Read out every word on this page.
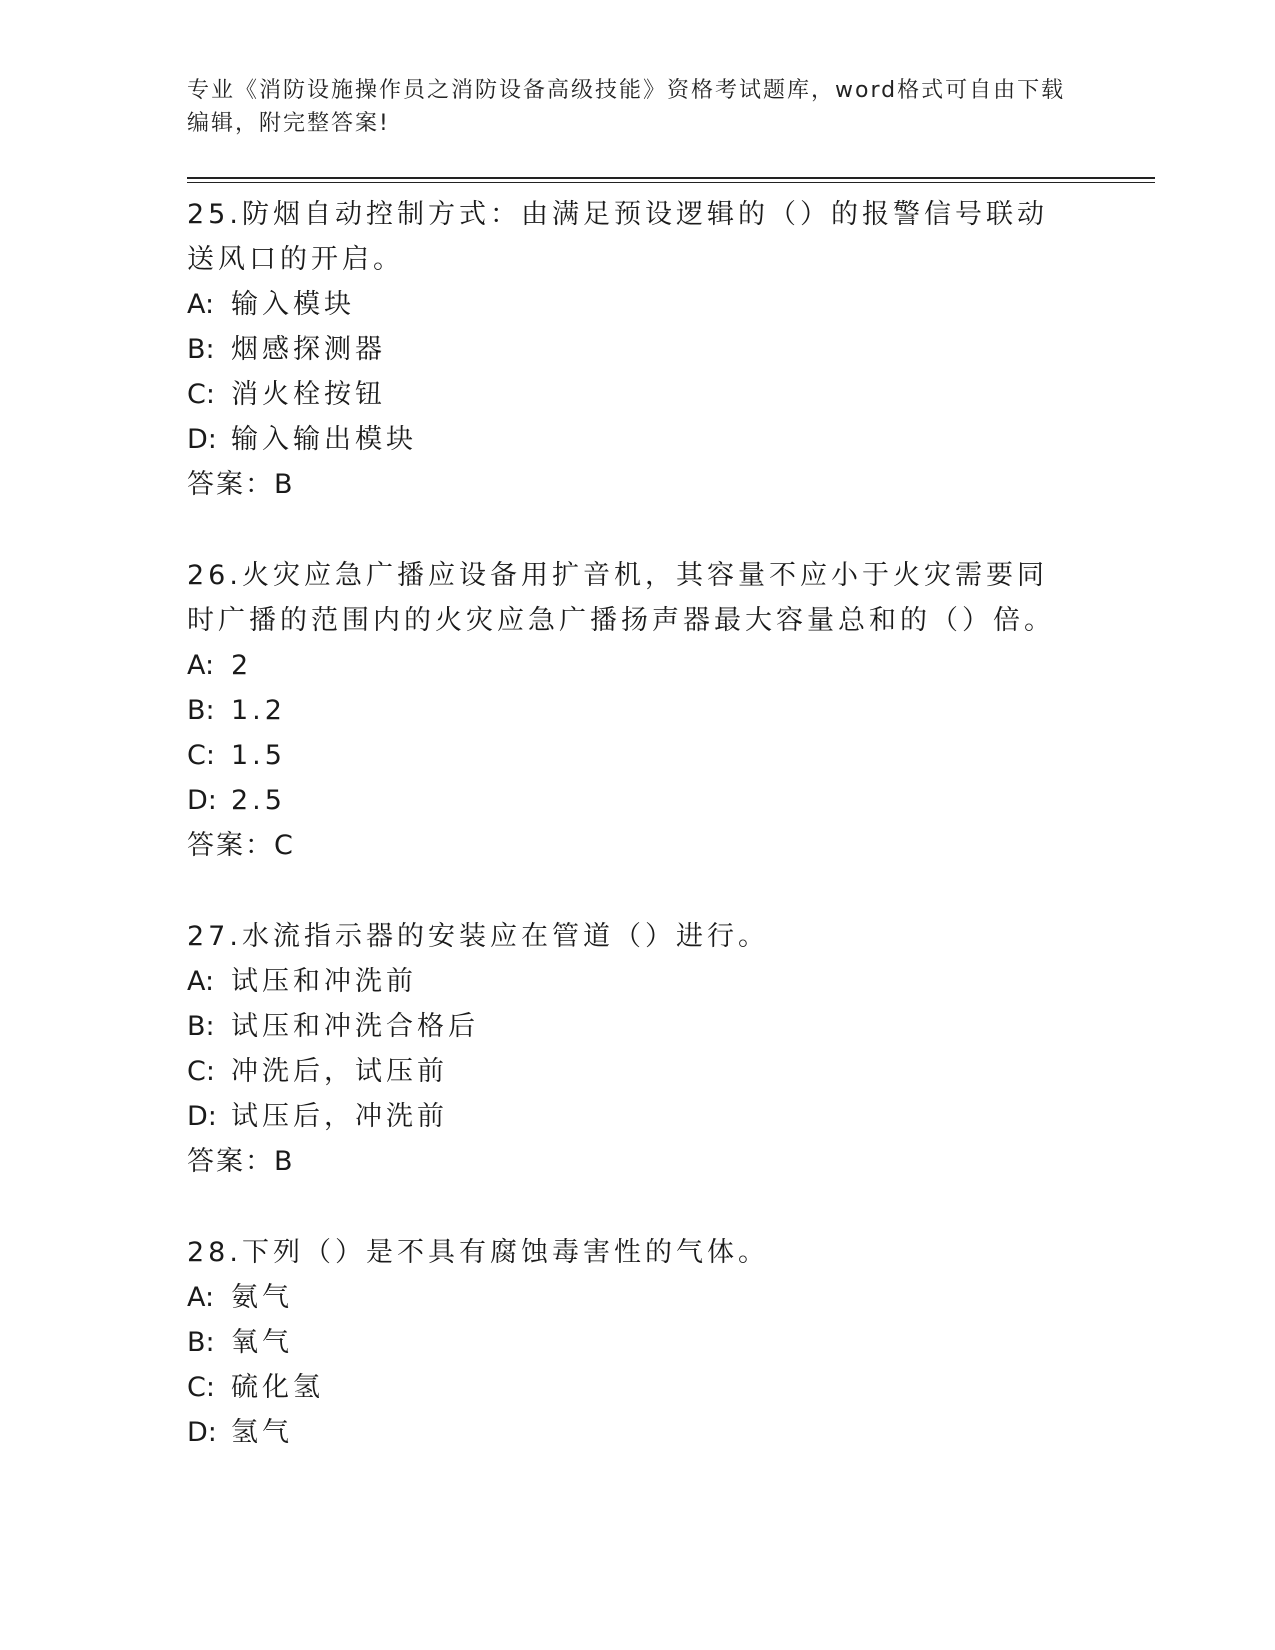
专业《消防设施操作员之消防设备高级技能》资格考试题库，word格式可自由下载编辑，附完整答案!

25.防烟自动控制方式：由满足预设逻辑的（）的报警信号联动送风口的开启。

A: 输入模块

B: 烟感探测器

C: 消火栓按钮

D: 输入输出模块

答案：B

26.火灾应急广播应设备用扩音机，其容量不应小于火灾需要同时广播的范围内的火灾应急广播扬声器最大容量总和的（）倍。

A: 2

B: 1.2

C: 1.5

D: 2.5

答案：C

27.水流指示器的安装应在管道（）进行。

A: 试压和冲洗前

B: 试压和冲洗合格后

C: 冲洗后，试压前

D: 试压后，冲洗前

答案：B

28.下列（）是不具有腐蚀毒害性的气体。

A: 氨气

B: 氧气

C: 硫化氢

D: 氢气
